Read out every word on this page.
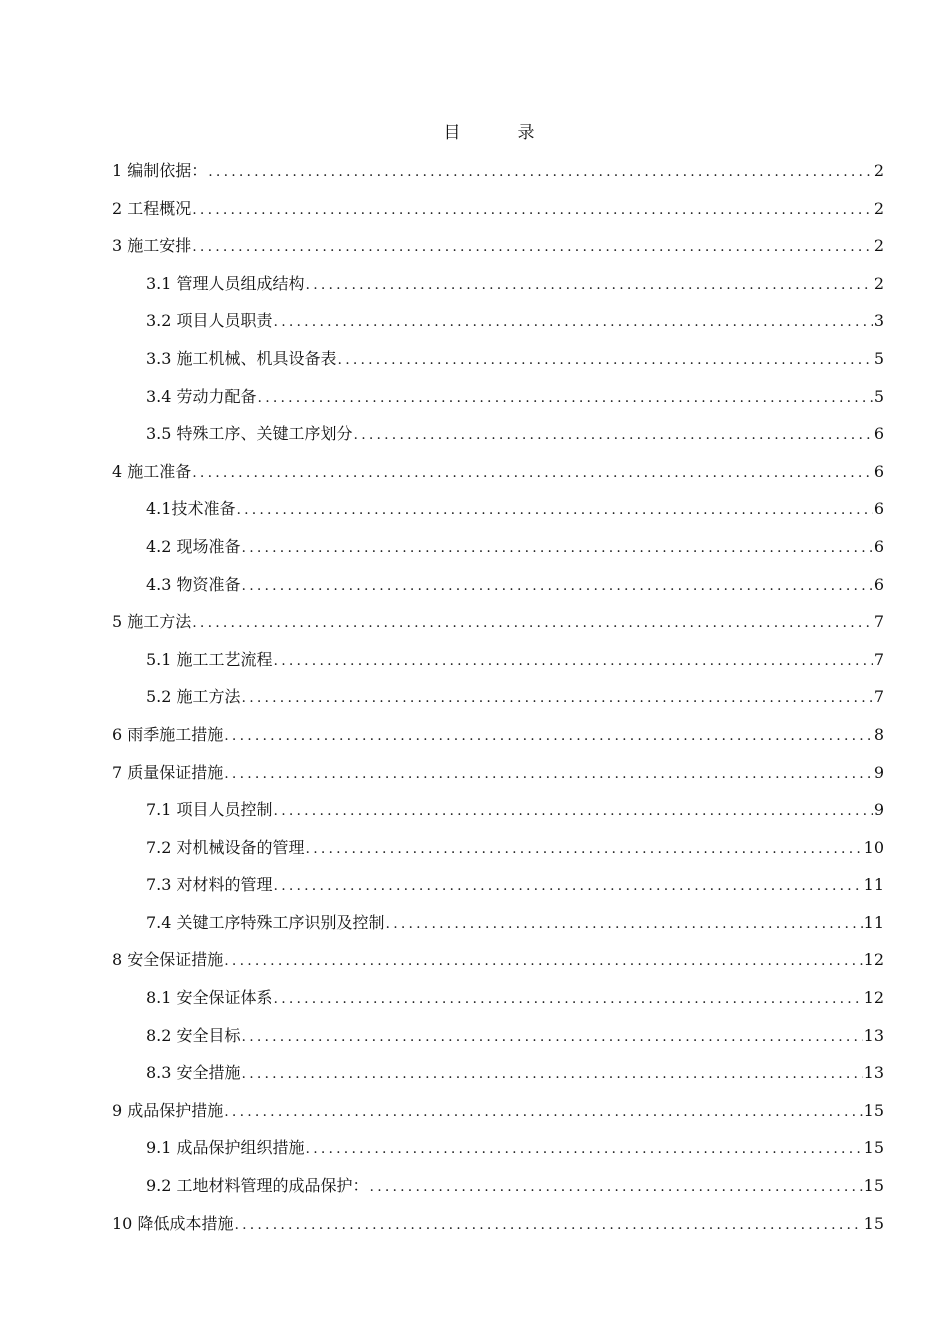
目　录
1 编制依据： .....	2
2 工程概况 .....	2
3 施工安排 .....	2
3.1 管理人员组成结构 .....	2
3.2 项目人员职责 .....	3
3.3 施工机械、机具设备表 .....	5
3.4 劳动力配备 .....	5
3.5 特殊工序、关键工序划分 .....	6
4 施工准备 .....	6
4.1技术准备 .....	6
4.2 现场准备 .....	6
4.3 物资准备 .....	6
5 施工方法 .....	7
5.1 施工工艺流程 .....	7
5.2 施工方法 .....	7
6 雨季施工措施 .....	8
7 质量保证措施 .....	9
7.1 项目人员控制 .....	9
7.2 对机械设备的管理 .....	10
7.3 对材料的管理 .....	11
7.4 关键工序特殊工序识别及控制 .....	11
8 安全保证措施 .....	12
8.1 安全保证体系 .....	12
8.2 安全目标 .....	13
8.3 安全措施 .....	13
9 成品保护措施 .....	15
9.1 成品保护组织措施 .....	15
9.2 工地材料管理的成品保护： .....	15
10 降低成本措施 .....	15
